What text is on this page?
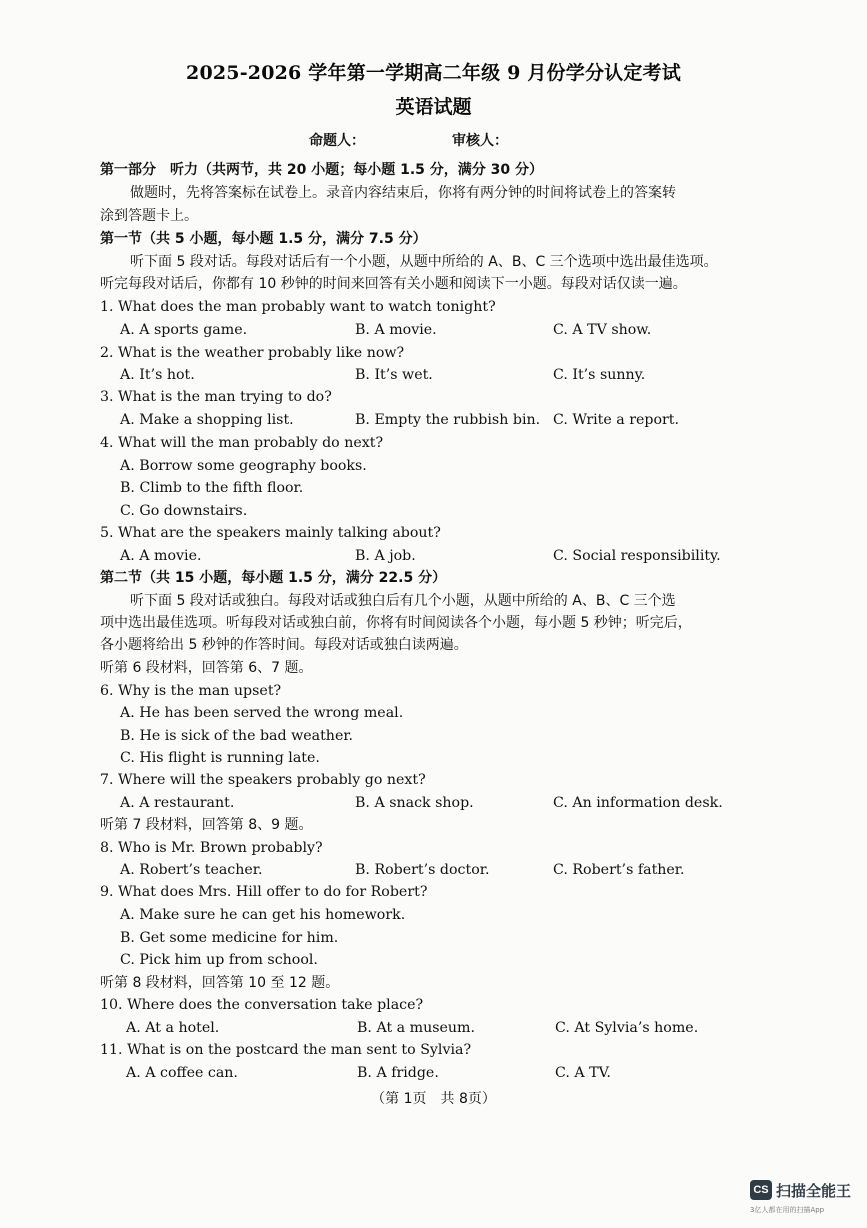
2025-2026 学年第一学期高二年级 9 月份学分认定考试
英语试题
命题人：	审核人：
第一部分　听力（共两节，共 20 小题；每小题 1.5 分，满分 30 分）
做题时，先将答案标在试卷上。录音内容结束后，你将有两分钟的时间将试卷上的答案转
涂到答题卡上。
第一节（共 5 小题，每小题 1.5 分，满分 7.5 分）
听下面 5 段对话。每段对话后有一个小题，从题中所给的 A、B、C 三个选项中选出最佳选项。
听完每段对话后，你都有 10 秒钟的时间来回答有关小题和阅读下一小题。每段对话仅读一遍。
1. What does the man probably want to watch tonight?
A. A sports game.	B. A movie.	C. A TV show.
2. What is the weather probably like now?
A. It’s hot.	B. It’s wet.	C. It’s sunny.
3. What is the man trying to do?
A. Make a shopping list.	B. Empty the rubbish bin. C. Write a report.
4. What will the man probably do next?
A. Borrow some geography books.
B. Climb to the fifth floor.
C. Go downstairs.
5. What are the speakers mainly talking about?
A. A movie.	B. A job.	C. Social responsibility.
第二节（共 15 小题，每小题 1.5 分，满分 22.5 分）
听下面 5 段对话或独白。每段对话或独白后有几个小题，从题中所给的 A、B、C 三个选
项中选出最佳选项。听每段对话或独白前，你将有时间阅读各个小题，每小题 5 秒钟；听完后，
各小题将给出 5 秒钟的作答时间。每段对话或独白读两遍。
听第 6 段材料，回答第 6、7 题。
6. Why is the man upset?
A. He has been served the wrong meal.
B. He is sick of the bad weather.
C. His flight is running late.
7. Where will the speakers probably go next?
A. A restaurant.	B. A snack shop.	C. An information desk.
听第 7 段材料，回答第 8、9 题。
8. Who is Mr. Brown probably?
A. Robert’s teacher.	B. Robert’s doctor.	C. Robert’s father.
9. What does Mrs. Hill offer to do for Robert?
A. Make sure he can get his homework.
B. Get some medicine for him.
C. Pick him up from school.
听第 8 段材料，回答第 10 至 12 题。
10. Where does the conversation take place?
A. At a hotel.	B. At a museum.	C. At Sylvia’s home.
11. What is on the postcard the man sent to Sylvia?
A. A coffee can.	B. A fridge.	C. A TV.
（第 1页　共 8页）
CS 扫描全能王
3亿人都在用的扫描App
